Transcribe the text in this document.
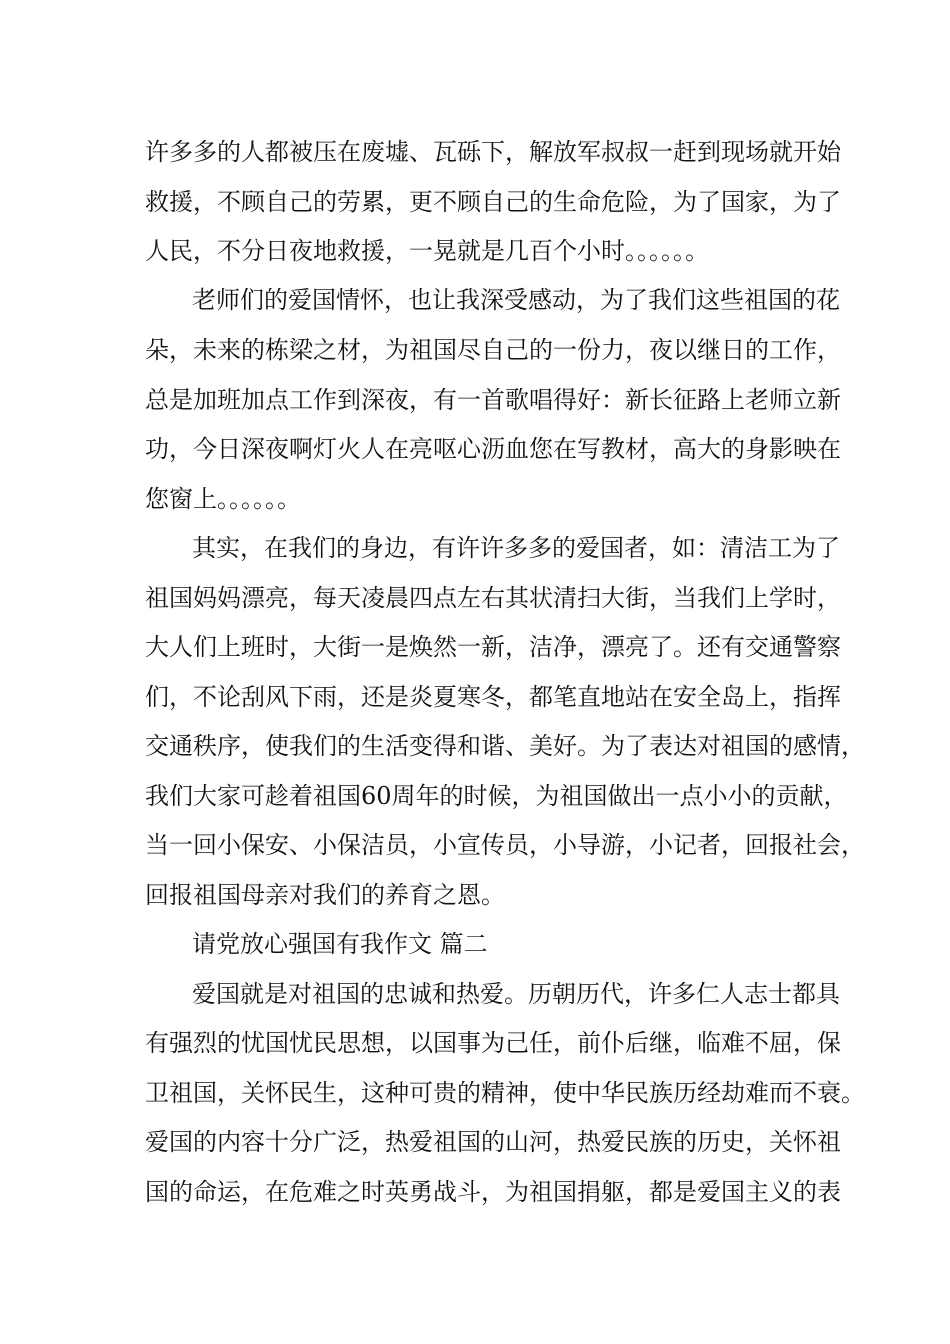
许多多的人都被压在废墟、瓦砾下，解放军叔叔一赶到现场就开始

救援，不顾自己的劳累，更不顾自己的生命危险，为了国家，为了

人民，不分日夜地救援，一晃就是几百个小时。。。。。。

老师们的爱国情怀，也让我深受感动，为了我们这些祖国的花

朵，未来的栋梁之材，为祖国尽自己的一份力，夜以继日的工作，

总是加班加点工作到深夜，有一首歌唱得好：新长征路上老师立新

功，今日深夜啊灯火人在亮呕心沥血您在写教材，高大的身影映在

您窗上。。。。。。

其实，在我们的身边，有许许多多的爱国者，如：清洁工为了

祖国妈妈漂亮，每天凌晨四点左右其状清扫大街，当我们上学时，

大人们上班时，大街一是焕然一新，洁净，漂亮了。还有交通警察

们，不论刮风下雨，还是炎夏寒冬，都笔直地站在安全岛上，指挥

交通秩序，使我们的生活变得和谐、美好。为了表达对祖国的感情，

我们大家可趁着祖国60周年的时候，为祖国做出一点小小的贡献，

当一回小保安、小保洁员，小宣传员，小导游，小记者，回报社会，

回报祖国母亲对我们的养育之恩。

请党放心强国有我作文 篇二

爱国就是对祖国的忠诚和热爱。历朝历代，许多仁人志士都具

有强烈的忧国忧民思想，以国事为己任，前仆后继，临难不屈，保

卫祖国，关怀民生，这种可贵的精神，使中华民族历经劫难而不衰。

爱国的内容十分广泛，热爱祖国的山河，热爱民族的历史，关怀祖

国的命运，在危难之时英勇战斗，为祖国捐躯，都是爱国主义的表
